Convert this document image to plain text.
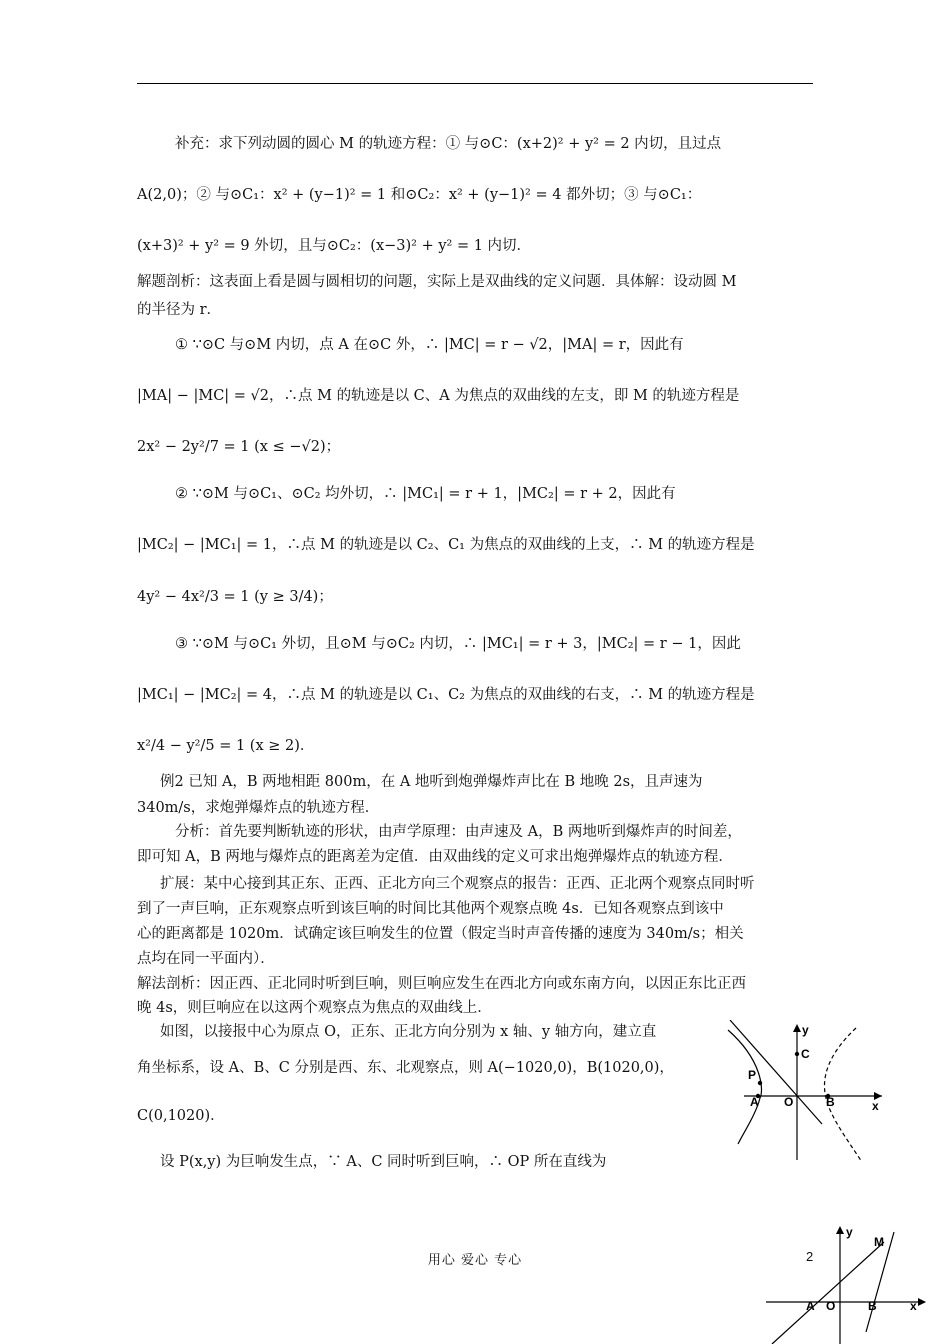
补充：求下列动圆的圆心 M 的轨迹方程：① 与⊙C：(x+2)² + y² = 2 内切，且过点
A(2,0)；② 与⊙C₁：x² + (y−1)² = 1 和⊙C₂：x² + (y−1)² = 4 都外切；③ 与⊙C₁：
(x+3)² + y² = 9 外切，且与⊙C₂：(x−3)² + y² = 1 内切．
解题剖析：这表面上看是圆与圆相切的问题，实际上是双曲线的定义问题．具体解：设动圆 M
的半径为 r．
① ∵⊙C 与⊙M 内切，点 A 在⊙C 外，∴ |MC| = r − √2，|MA| = r，因此有
|MA| − |MC| = √2，∴点 M 的轨迹是以 C、A 为焦点的双曲线的左支，即 M 的轨迹方程是
2x² − 2y²/7 = 1 (x ≤ −√2)；
② ∵⊙M 与⊙C₁、⊙C₂ 均外切，∴ |MC₁| = r + 1，|MC₂| = r + 2，因此有
|MC₂| − |MC₁| = 1，∴点 M 的轨迹是以 C₂、C₁ 为焦点的双曲线的上支，∴ M 的轨迹方程是
4y² − 4x²/3 = 1 (y ≥ 3/4)；
③ ∵⊙M 与⊙C₁ 外切，且⊙M 与⊙C₂ 内切，∴ |MC₁| = r + 3，|MC₂| = r − 1，因此
|MC₁| − |MC₂| = 4，∴点 M 的轨迹是以 C₁、C₂ 为焦点的双曲线的右支，∴ M 的轨迹方程是
x²/4 − y²/5 = 1 (x ≥ 2)．
例2 已知 A，B 两地相距 800m，在 A 地听到炮弹爆炸声比在 B 地晚 2s，且声速为
340m/s，求炮弹爆炸点的轨迹方程．
分析：首先要判断轨迹的形状，由声学原理：由声速及 A，B 两地听到爆炸声的时间差，
即可知 A，B 两地与爆炸点的距离差为定值．由双曲线的定义可求出炮弹爆炸点的轨迹方程．
扩展：某中心接到其正东、正西、正北方向三个观察点的报告：正西、正北两个观察点同时听
到了一声巨响，正东观察点听到该巨响的时间比其他两个观察点晚 4s．已知各观察点到该中
心的距离都是 1020m．试确定该巨响发生的位置（假定当时声音传播的速度为 340m/s；相关
点均在同一平面内）．
解法剖析：因正西、正北同时听到巨响，则巨响应发生在西北方向或东南方向，以因正东比正西
晚 4s，则巨响应在以这两个观察点为焦点的双曲线上．
如图，以接报中心为原点 O，正东、正北方向分别为 x 轴、y 轴方向，建立直
角坐标系，设 A、B、C 分别是西、东、北观察点，则 A(−1020,0)，B(1020,0)，
C(0,1020)．
设 P(x,y) 为巨响发生点，∵ A、C 同时听到巨响，∴ OP 所在直线为
y
C
P
A O	B	x
y
M
A O	B	x
用心 爱心 专心	2
